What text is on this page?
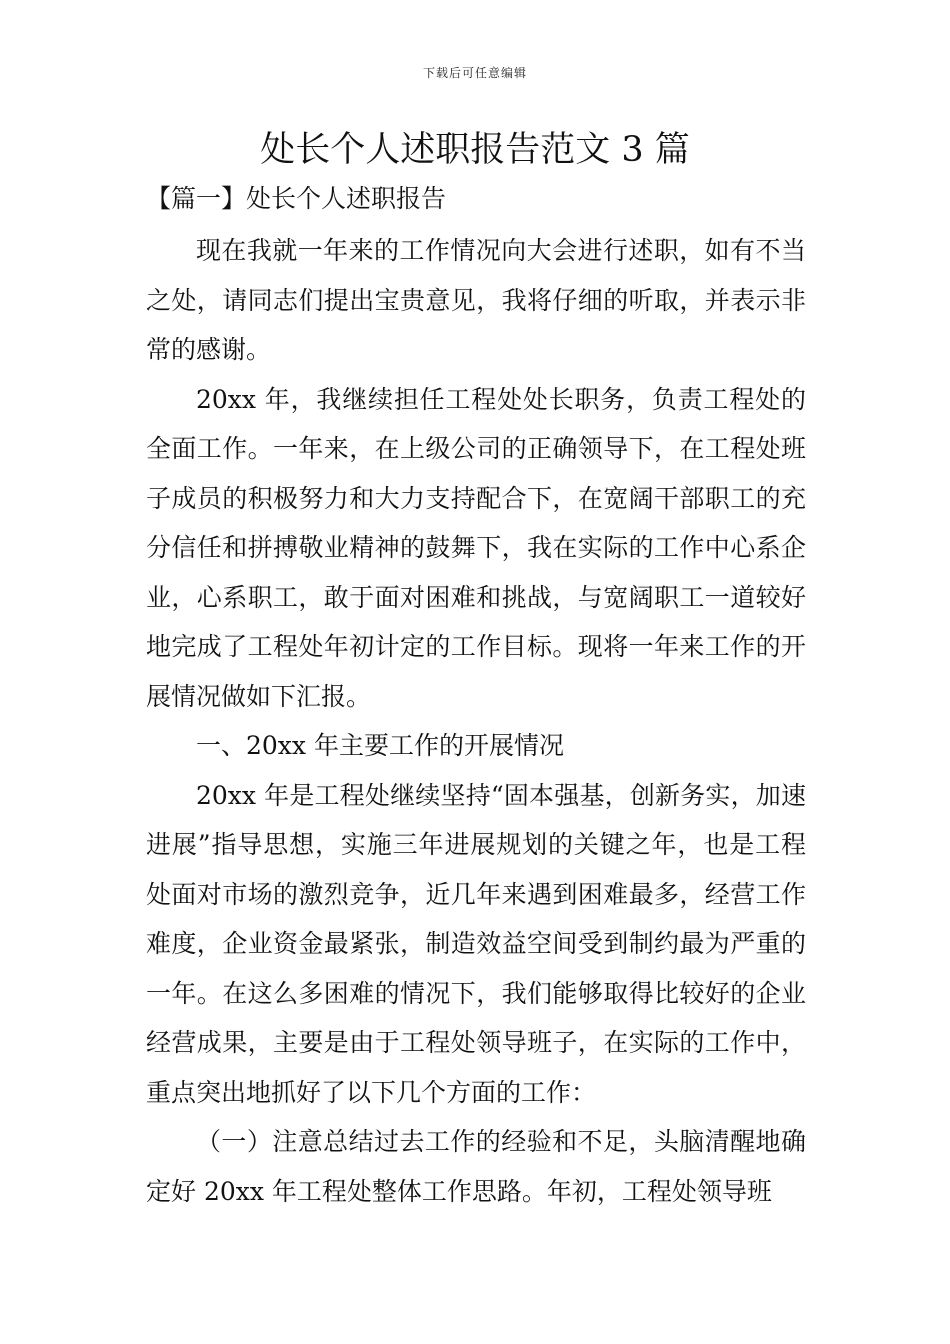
下载后可任意编辑
处长个人述职报告范文 3 篇
【篇一】处长个人述职报告

现在我就一年来的工作情况向大会进行述职，如有不当之处，请同志们提出宝贵意见，我将仔细的听取，并表示非常的感谢。

20xx 年，我继续担任工程处处长职务，负责工程处的全面工作。一年来，在上级公司的正确领导下，在工程处班子成员的积极努力和大力支持配合下，在宽阔干部职工的充分信任和拼搏敬业精神的鼓舞下，我在实际的工作中心系企业，心系职工，敢于面对困难和挑战，与宽阔职工一道较好地完成了工程处年初计定的工作目标。现将一年来工作的开展情况做如下汇报。

一、20xx 年主要工作的开展情况

20xx 年是工程处继续坚持“固本强基，创新务实，加速进展”指导思想，实施三年进展规划的关键之年，也是工程处面对市场的激烈竞争，近几年来遇到困难最多，经营工作难度，企业资金最紧张，制造效益空间受到制约最为严重的一年。在这么多困难的情况下，我们能够取得比较好的企业经营成果，主要是由于工程处领导班子，在实际的工作中，重点突出地抓好了以下几个方面的工作：

（一）注意总结过去工作的经验和不足，头脑清醒地确定好 20xx 年工程处整体工作思路。年初，工程处领导班
